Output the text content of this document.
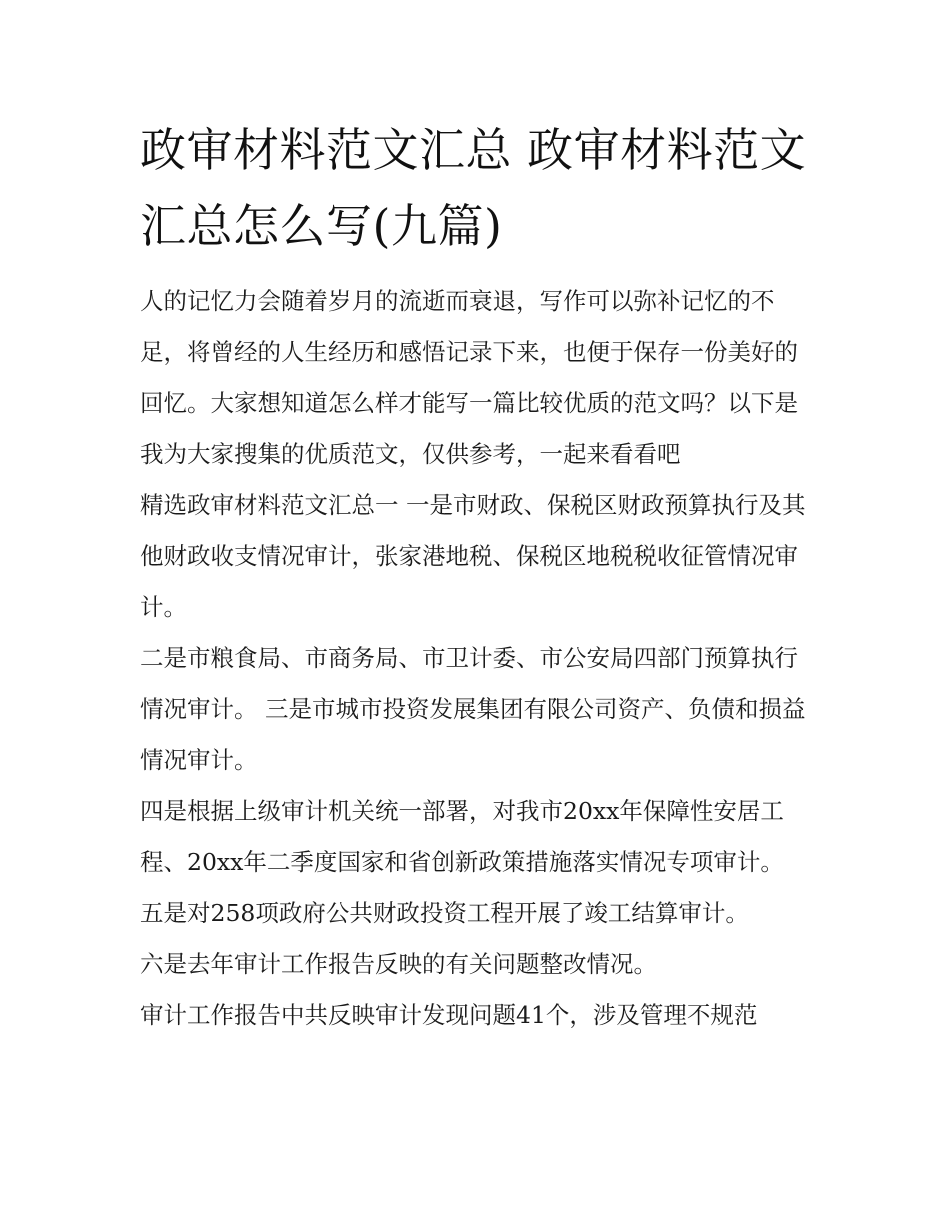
政审材料范文汇总 政审材料范文汇总怎么写(九篇)

人的记忆力会随着岁月的流逝而衰退，写作可以弥补记忆的不足，将曾经的人生经历和感悟记录下来，也便于保存一份美好的回忆。大家想知道怎么样才能写一篇比较优质的范文吗？以下是我为大家搜集的优质范文，仅供参考，一起来看看吧

精选政审材料范文汇总一 一是市财政、保税区财政预算执行及其他财政收支情况审计，张家港地税、保税区地税税收征管情况审计。

二是市粮食局、市商务局、市卫计委、市公安局四部门预算执行情况审计。 三是市城市投资发展集团有限公司资产、负债和损益情况审计。

四是根据上级审计机关统一部署，对我市20xx年保障性安居工程、20xx年二季度国家和省创新政策措施落实情况专项审计。

五是对258项政府公共财政投资工程开展了竣工结算审计。

六是去年审计工作报告反映的有关问题整改情况。

审计工作报告中共反映审计发现问题41个，涉及管理不规范
